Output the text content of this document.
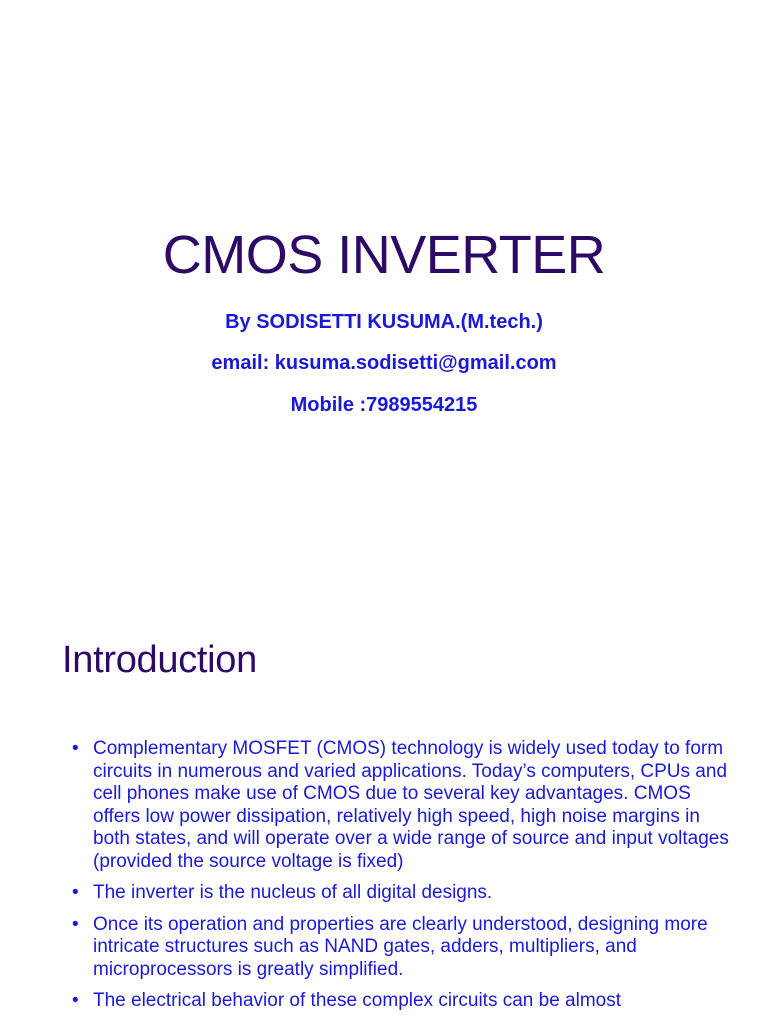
CMOS INVERTER
By SODISETTI KUSUMA.(M.tech.)
email: kusuma.sodisetti@gmail.com
Mobile :7989554215
Introduction
• Complementary MOSFET (CMOS) technology is widely used today to form circuits in numerous and varied applications. Today’s computers, CPUs and cell phones make use of CMOS due to several key advantages. CMOS offers low power dissipation, relatively high speed, high noise margins in both states, and will operate over a wide range of source and input voltages (provided the source voltage is fixed)
• The inverter is the nucleus of all digital designs.
• Once its operation and properties are clearly understood, designing more intricate structures such as NAND gates, adders, multipliers, and microprocessors is greatly simplified.
• The electrical behavior of these complex circuits can be almost
